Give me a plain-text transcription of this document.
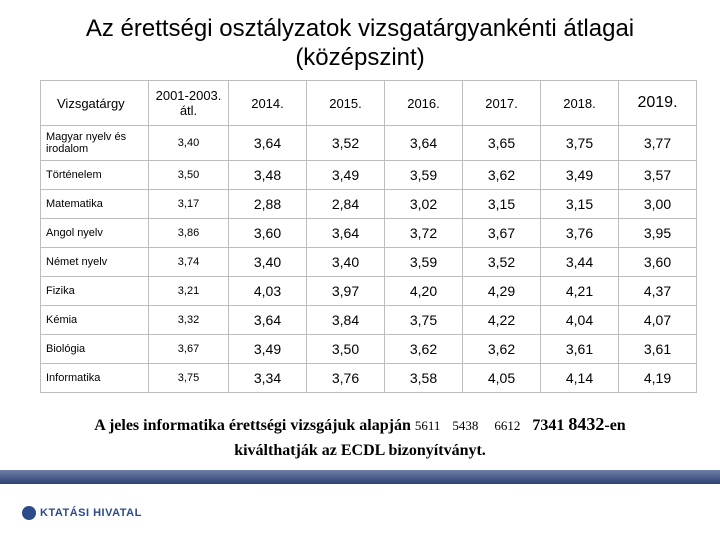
Az érettségi osztályzatok vizsgatárgyankénti átlagai
(középszint)
Vizsgatárgy	2001-2003. átl.	2014.	2015.	2016.	2017.	2018.	2019.
Magyar nyelv és irodalom	3,40	3,64	3,52	3,64	3,65	3,75	3,77
Történelem	3,50	3,48	3,49	3,59	3,62	3,49	3,57
Matematika	3,17	2,88	2,84	3,02	3,15	3,15	3,00
Angol nyelv	3,86	3,60	3,64	3,72	3,67	3,76	3,95
Német nyelv	3,74	3,40	3,40	3,59	3,52	3,44	3,60
Fizika	3,21	4,03	3,97	4,20	4,29	4,21	4,37
Kémia	3,32	3,64	3,84	3,75	4,22	4,04	4,07
Biológia	3,67	3,49	3,50	3,62	3,62	3,61	3,61
Informatika	3,75	3,34	3,76	3,58	4,05	4,14	4,19
A jeles informatika érettségi vizsgájuk alapján 5611 5438 6612 7341 8432-en
kiválthatják az ECDL bizonyítványt.
KTATÁSI HIVATAL
